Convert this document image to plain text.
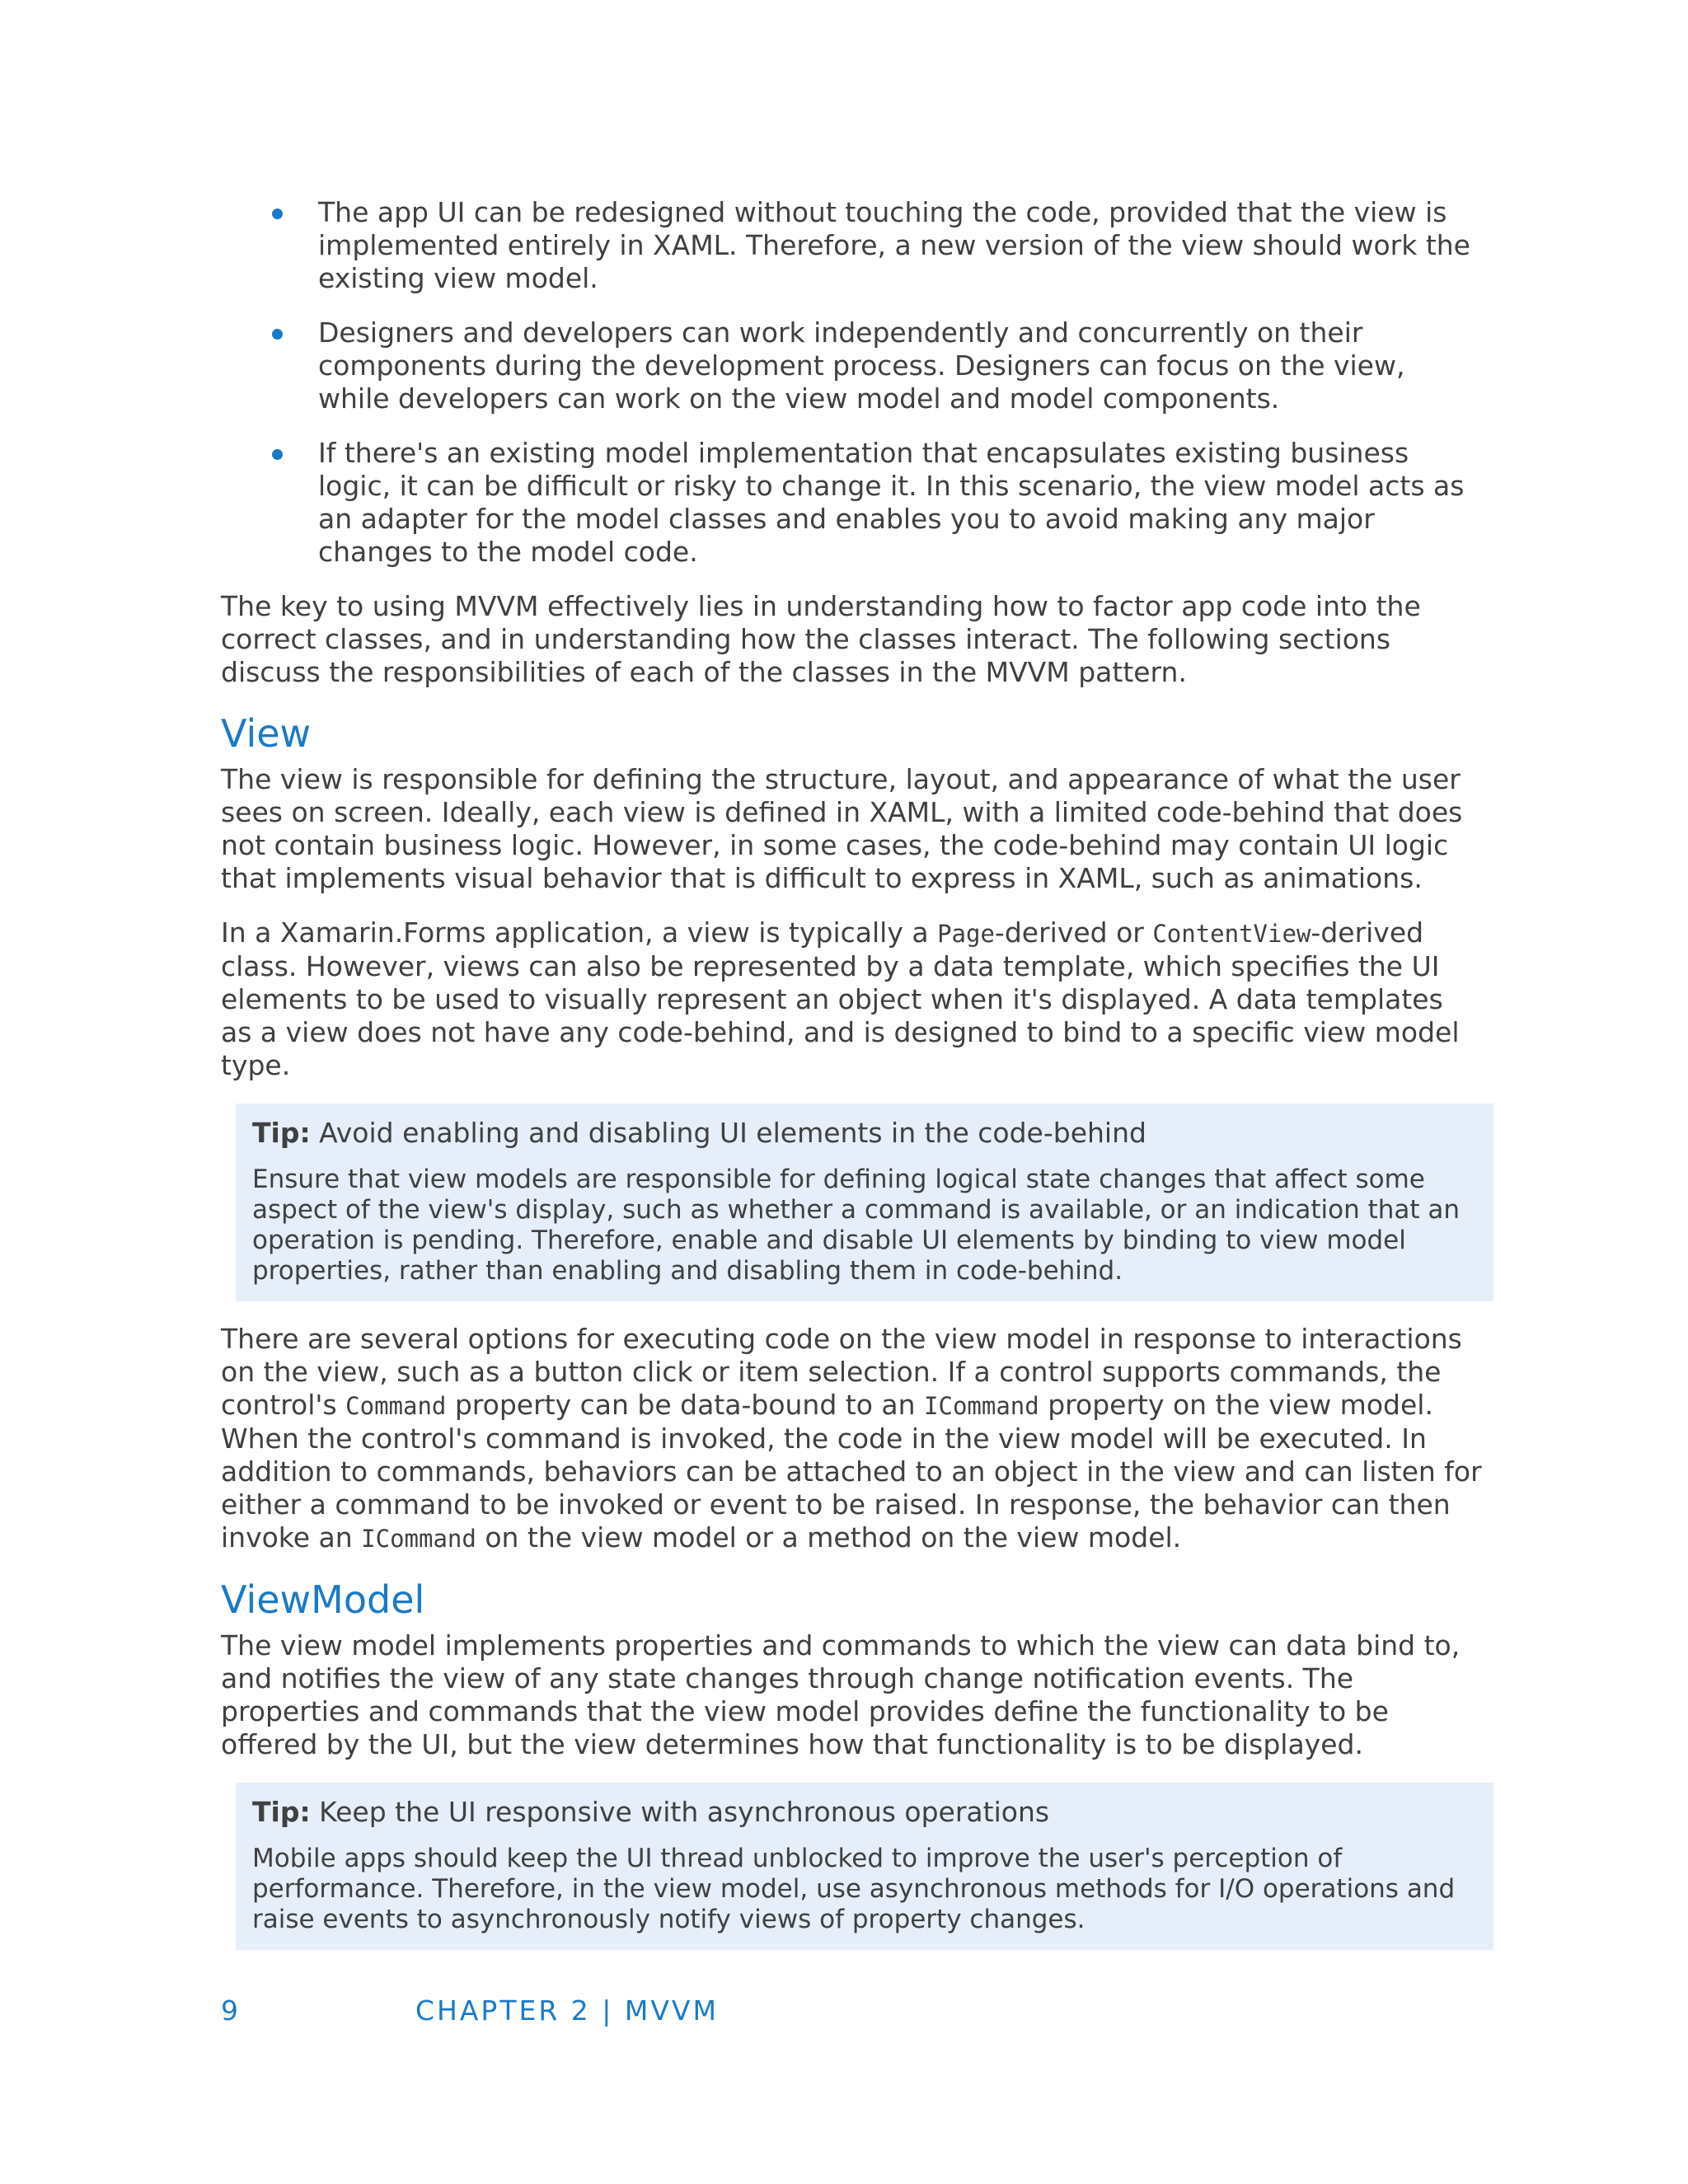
The app UI can be redesigned without touching the code, provided that the view is implemented entirely in XAML. Therefore, a new version of the view should work the existing view model.
Designers and developers can work independently and concurrently on their components during the development process. Designers can focus on the view, while developers can work on the view model and model components.
If there's an existing model implementation that encapsulates existing business logic, it can be difficult or risky to change it. In this scenario, the view model acts as an adapter for the model classes and enables you to avoid making any major changes to the model code.

The key to using MVVM effectively lies in understanding how to factor app code into the correct classes, and in understanding how the classes interact. The following sections discuss the responsibilities of each of the classes in the MVVM pattern.

View

The view is responsible for defining the structure, layout, and appearance of what the user sees on screen. Ideally, each view is defined in XAML, with a limited code-behind that does not contain business logic. However, in some cases, the code-behind may contain UI logic that implements visual behavior that is difficult to express in XAML, such as animations.

In a Xamarin.Forms application, a view is typically a Page-derived or ContentView-derived class. However, views can also be represented by a data template, which specifies the UI elements to be used to visually represent an object when it's displayed. A data templates as a view does not have any code-behind, and is designed to bind to a specific view model type.

Tip: Avoid enabling and disabling UI elements in the code-behind

Ensure that view models are responsible for defining logical state changes that affect some aspect of the view's display, such as whether a command is available, or an indication that an operation is pending. Therefore, enable and disable UI elements by binding to view model properties, rather than enabling and disabling them in code-behind.

There are several options for executing code on the view model in response to interactions on the view, such as a button click or item selection. If a control supports commands, the control's Command property can be data-bound to an ICommand property on the view model. When the control's command is invoked, the code in the view model will be executed. In addition to commands, behaviors can be attached to an object in the view and can listen for either a command to be invoked or event to be raised. In response, the behavior can then invoke an ICommand on the view model or a method on the view model.

ViewModel

The view model implements properties and commands to which the view can data bind to, and notifies the view of any state changes through change notification events. The properties and commands that the view model provides define the functionality to be offered by the UI, but the view determines how that functionality is to be displayed.

Tip: Keep the UI responsive with asynchronous operations

Mobile apps should keep the UI thread unblocked to improve the user's perception of performance. Therefore, in the view model, use asynchronous methods for I/O operations and raise events to asynchronously notify views of property changes.

9	CHAPTER 2 | MVVM
